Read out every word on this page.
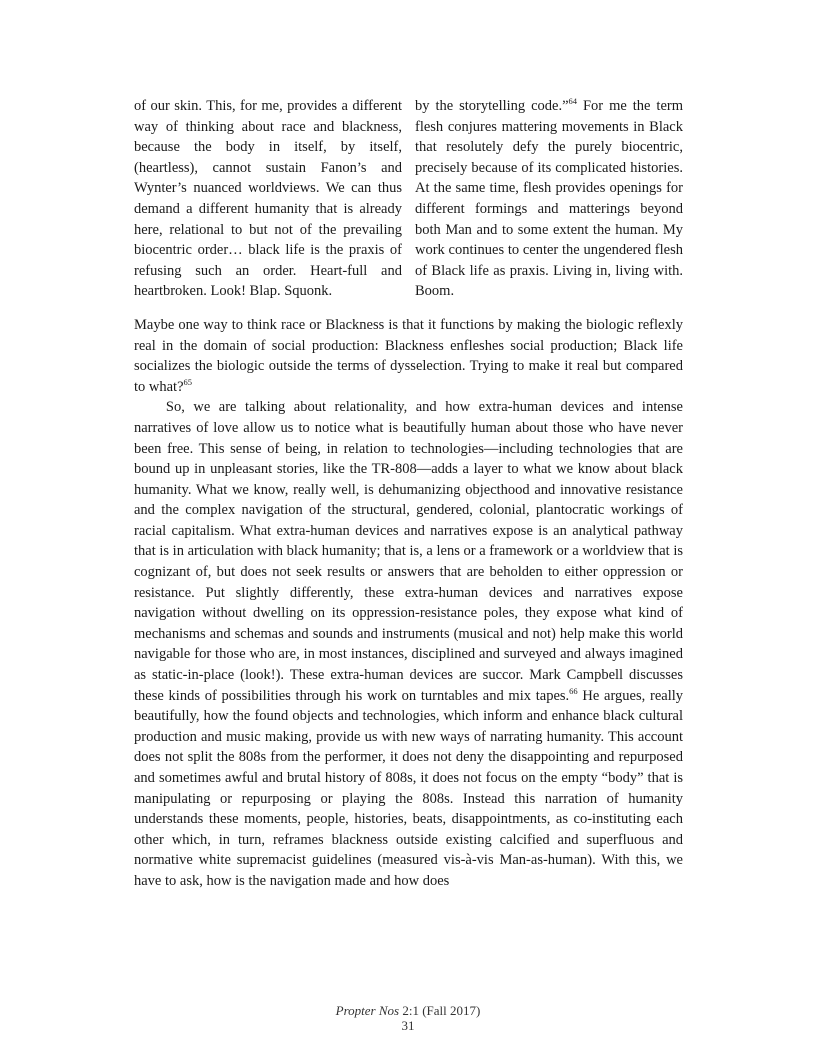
of our skin. This, for me, provides a different way of thinking about race and blackness, because the body in itself, by itself, (heartless), cannot sustain Fanon’s and Wynter’s nuanced worldviews. We can thus demand a different humanity that is already here, relational to but not of the prevailing biocentric order… black life is the praxis of refusing such an order. Heart-full and heartbroken. Look! Blap. Squonk.

by the storytelling code.”$^{64}$ For me the term flesh conjures mattering movements in Black that resolutely defy the purely biocentric, precisely because of its complicated histories. At the same time, flesh provides openings for different formings and matterings beyond both Man and to some extent the human. My work continues to center the ungendered flesh of Black life as praxis. Living in, living with. Boom.

Maybe one way to think race or Blackness is that it functions by making the biologic reflexly real in the domain of social production: Blackness enfleshes social production; Black life socializes the biologic outside the terms of dysselection. Trying to make it real but compared to what?$^{65}$

So, we are talking about relationality, and how extra-human devices and intense narratives of love allow us to notice what is beautifully human about those who have never been free. This sense of being, in relation to technologies—including technologies that are bound up in unpleasant stories, like the TR-808—adds a layer to what we know about black humanity. What we know, really well, is dehumanizing objecthood and innovative resistance and the complex navigation of the structural, gendered, colonial, plantocratic workings of racial capitalism. What extra-human devices and narratives expose is an analytical pathway that is in articulation with black humanity; that is, a lens or a framework or a worldview that is cognizant of, but does not seek results or answers that are beholden to either oppression or resistance. Put slightly differently, these extra-human devices and narratives expose navigation without dwelling on its oppression-resistance poles, they expose what kind of mechanisms and schemas and sounds and instruments (musical and not) help make this world navigable for those who are, in most instances, disciplined and surveyed and always imagined as static-in-place (look!). These extra-human devices are succor. Mark Campbell discusses these kinds of possibilities through his work on turntables and mix tapes.$^{66}$ He argues, really beautifully, how the found objects and technologies, which inform and enhance black cultural production and music making, provide us with new ways of narrating humanity. This account does not split the 808s from the performer, it does not deny the disappointing and repurposed and sometimes awful and brutal history of 808s, it does not focus on the empty “body” that is manipulating or repurposing or playing the 808s. Instead this narration of humanity understands these moments, people, histories, beats, disappointments, as co-instituting each other which, in turn, reframes blackness outside existing calcified and superfluous and normative white supremacist guidelines (measured vis-à-vis Man-as-human). With this, we have to ask, how is the navigation made and how does

Propter Nos 2:1 (Fall 2017)
31
